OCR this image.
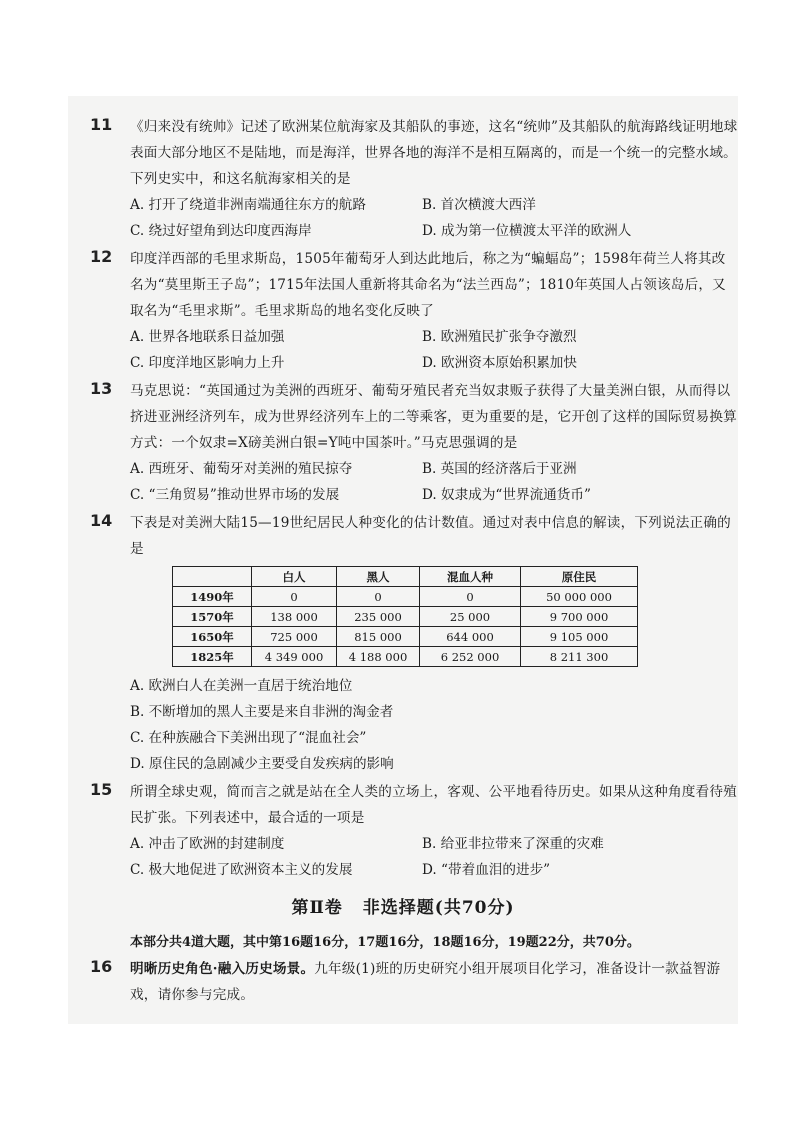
11 《归来没有统帅》记述了欧洲某位航海家及其船队的事迹，这名“统帅”及其船队的航海路线证明地球表面大部分地区不是陆地，而是海洋，世界各地的海洋不是相互隔离的，而是一个统一的完整水域。下列史实中，和这名航海家相关的是
A. 打开了绕道非洲南端通往东方的航路	B. 首次横渡大西洋
C. 绕过好望角到达印度西海岸	D. 成为第一位横渡太平洋的欧洲人
12 印度洋西部的毛里求斯岛，1505年葡萄牙人到达此地后，称之为“蝙蝠岛”；1598年荷兰人将其改名为“莫里斯王子岛”；1715年法国人重新将其命名为“法兰西岛”；1810年英国人占领该岛后，又取名为“毛里求斯”。毛里求斯岛的地名变化反映了
A. 世界各地联系日益加强	B. 欧洲殖民扩张争夺激烈
C. 印度洋地区影响力上升	D. 欧洲资本原始积累加快
13 马克思说：“英国通过为美洲的西班牙、葡萄牙殖民者充当奴隶贩子获得了大量美洲白银，从而得以挤进亚洲经济列车，成为世界经济列车上的二等乘客，更为重要的是，它开创了这样的国际贸易换算方式：一个奴隶=X磅美洲白银=Y吨中国茶叶。”马克思强调的是
A. 西班牙、葡萄牙对美洲的殖民掠夺	B. 英国的经济落后于亚洲
C. “三角贸易”推动世界市场的发展	D. 奴隶成为“世界流通货币”
14 下表是对美洲大陆15—19世纪居民人种变化的估计数值。通过对表中信息的解读，下列说法正确的是
	白人	黑人	混血人种	原住民
1490年	0	0	0	50 000 000
1570年	138 000	235 000	25 000	9 700 000
1650年	725 000	815 000	644 000	9 105 000
1825年	4 349 000	4 188 000	6 252 000	8 211 300
A. 欧洲白人在美洲一直居于统治地位
B. 不断增加的黑人主要是来自非洲的淘金者
C. 在种族融合下美洲出现了“混血社会”
D. 原住民的急剧减少主要受自发疾病的影响
15 所谓全球史观，简而言之就是站在全人类的立场上，客观、公平地看待历史。如果从这种角度看待殖民扩张。下列表述中，最合适的一项是
A. 冲击了欧洲的封建制度	B. 给亚非拉带来了深重的灾难
C. 极大地促进了欧洲资本主义的发展	D. “带着血泪的进步”
第Ⅱ卷 非选择题(共70分)
本部分共4道大题，其中第16题16分，17题16分，18题16分，19题22分，共70分。
16 明晰历史角色·融入历史场景。九年级(1)班的历史研究小组开展项目化学习，准备设计一款益智游戏，请你参与完成。
